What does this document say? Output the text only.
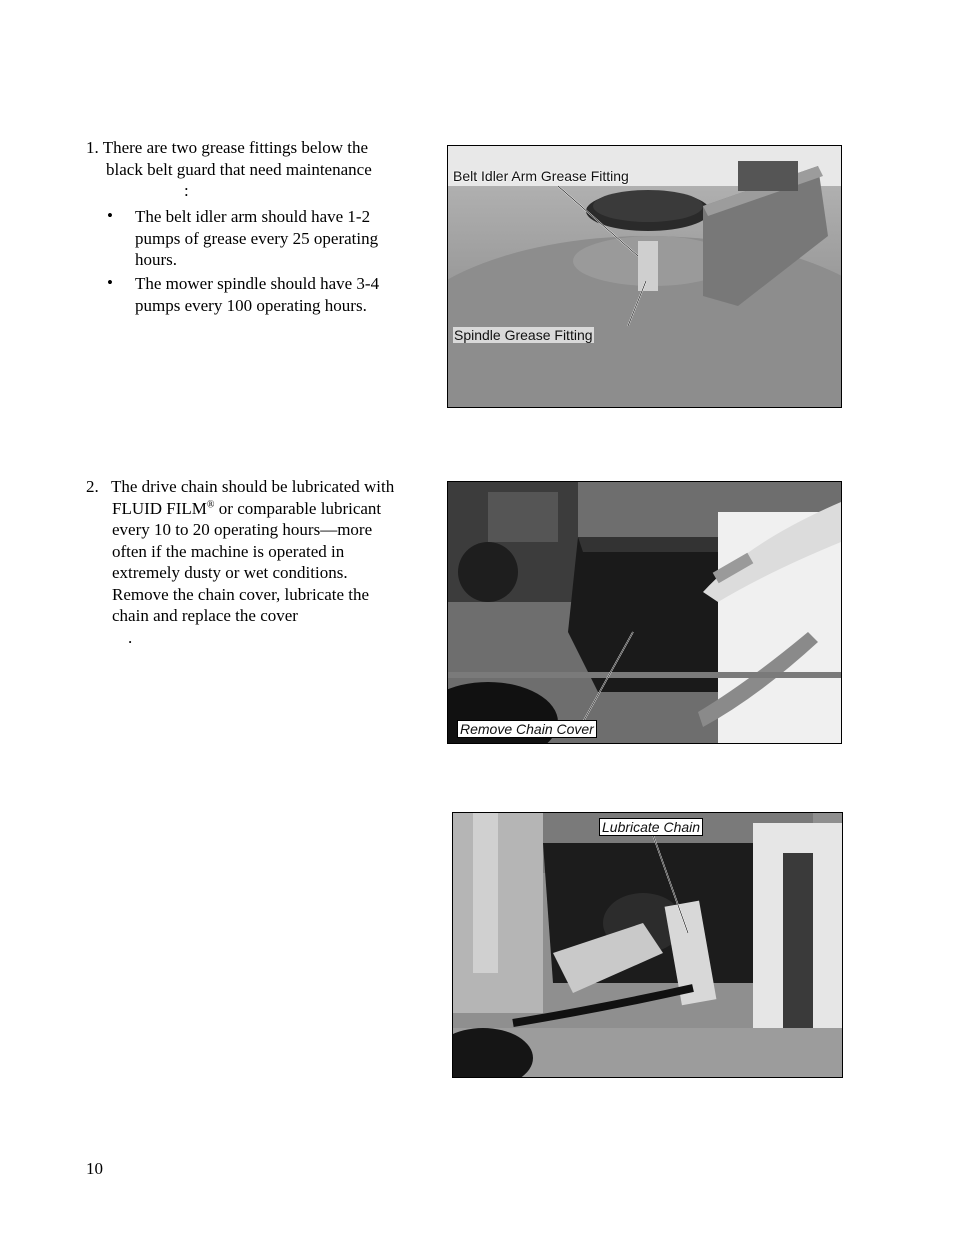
1. There are two grease fittings below the
black belt guard that need maintenance
:
• The belt idler arm should have 1-2
pumps of grease every 25 operating
hours.
• The mower spindle should have 3-4
pumps every 100 operating hours.
Belt Idler Arm Grease Fitting
Spindle Grease Fitting
2. The drive chain should be lubricated with
FLUID FILM® or comparable lubricant
every 10 to 20 operating hours—more
often if the machine is operated in
extremely dusty or wet conditions.
Remove the chain cover, lubricate the
chain and replace the cover
.
Remove Chain Cover
Lubricate Chain
10
